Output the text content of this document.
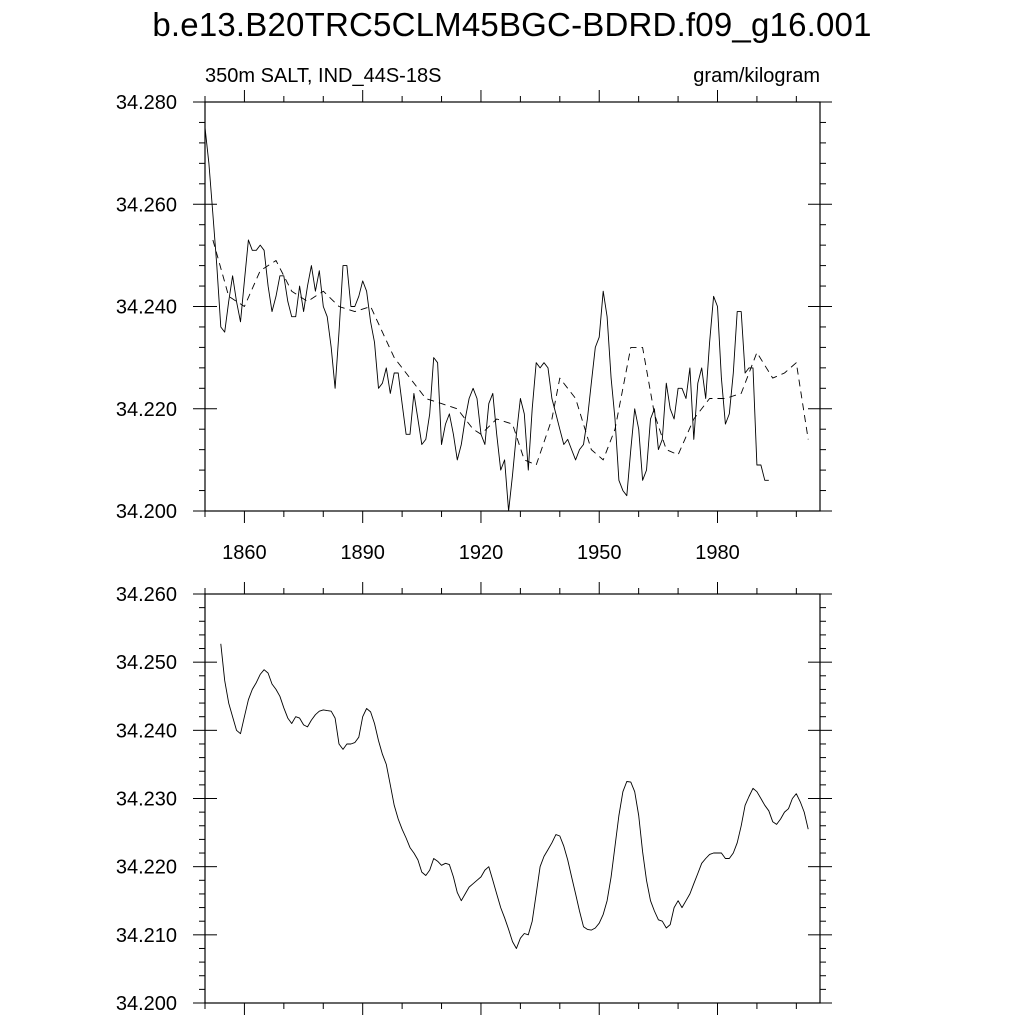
b.e13.B20TRC5CLM45BGC-BDRD.f09_g16.001
350m SALT, IND_44S-18S	gram/kilogram
1860	1890	1920	1950	1980
34.200
34.220
34.240
34.260
34.280
34.200
34.210
34.220
34.230
34.240
34.250
34.260
